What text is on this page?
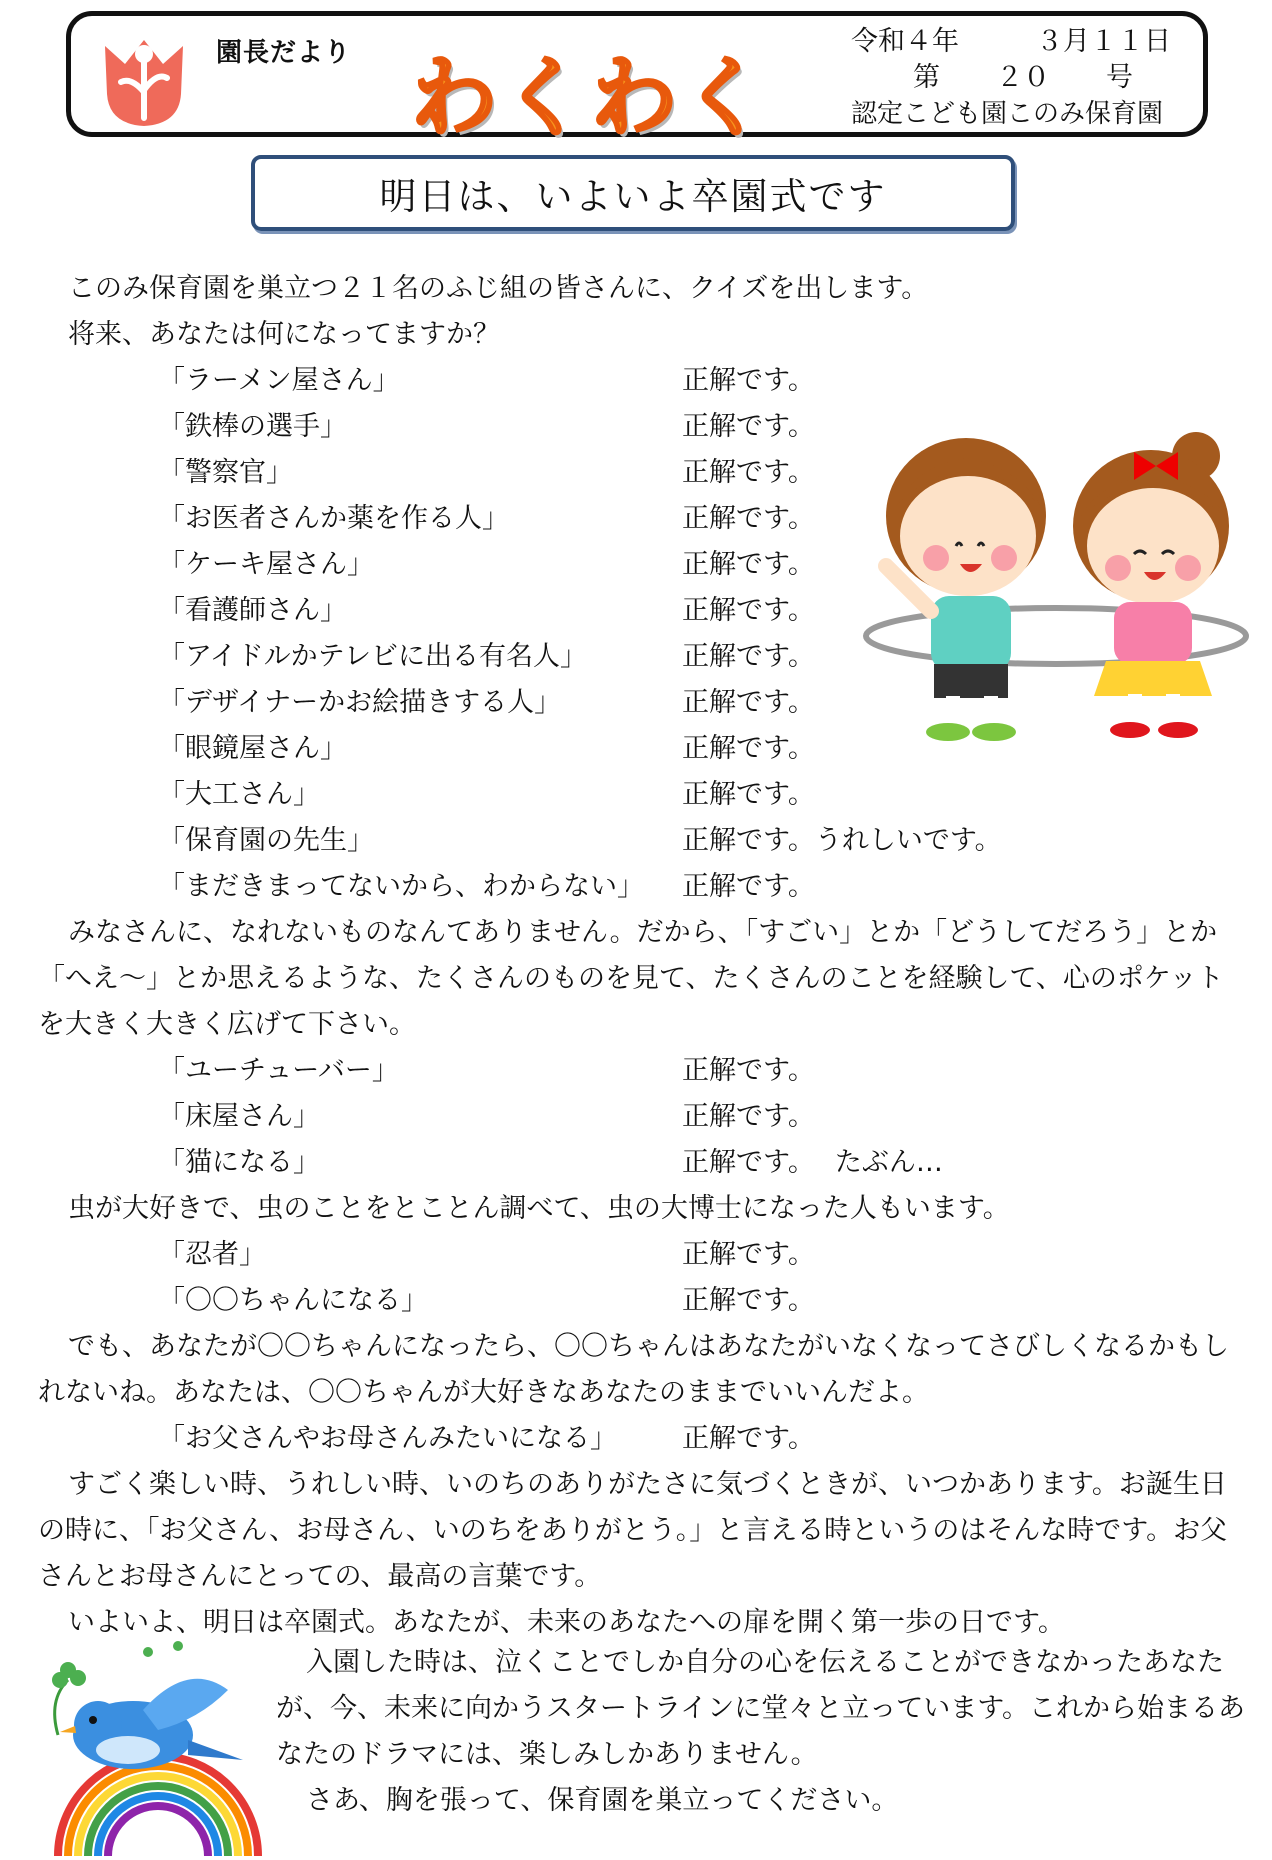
園長だより わくわく
令和４年	３月１１日
第 ２０ 号
認定こども園このみ保育園
明日は、いよいよ卒園式です
このみ保育園を巣立つ２１名のふじ組の皆さんに、クイズを出します。
将来、あなたは何になってますか？
「ラーメン屋さん」	正解です。
「鉄棒の選手」	正解です。
「警察官」	正解です。
「お医者さんか薬を作る人」	正解です。
「ケーキ屋さん」	正解です。
「看護師さん」	正解です。
「アイドルかテレビに出る有名人」	正解です。
「デザイナーかお絵描きする人」	正解です。
「眼鏡屋さん」	正解です。
「大工さん」	正解です。
「保育園の先生」	正解です。うれしいです。
「まだきまってないから、わからない」	正解です。
みなさんに、なれないものなんてありません。だから、「すごい」とか「どうしてだろう」とか「へえ～」とか思えるような、たくさんのものを見て、たくさんのことを経験して、心のポケットを大きく大きく広げて下さい。
「ユーチューバー」	正解です。
「床屋さん」	正解です。
「猫になる」	正解です。 たぶん…
虫が大好きで、虫のことをとことん調べて、虫の大博士になった人もいます。
「忍者」	正解です。
「〇〇ちゃんになる」	正解です。
でも、あなたが〇〇ちゃんになったら、〇〇ちゃんはあなたがいなくなってさびしくなるかもしれないね。あなたは、〇〇ちゃんが大好きなあなたのままでいいんだよ。
「お父さんやお母さんみたいになる」	正解です。
すごく楽しい時、うれしい時、いのちのありがたさに気づくときが、いつかあります。お誕生日の時に、「お父さん、お母さん、いのちをありがとう。」と言える時というのはそんな時です。お父さんとお母さんにとっての、最高の言葉です。
いよいよ、明日は卒園式。あなたが、未来のあなたへの扉を開く第一歩の日です。
入園した時は、泣くことでしか自分の心を伝えることができなかったあなたが、今、未来に向かうスタートラインに堂々と立っています。これから始まるあなたのドラマには、楽しみしかありません。
さあ、胸を張って、保育園を巣立ってください。
